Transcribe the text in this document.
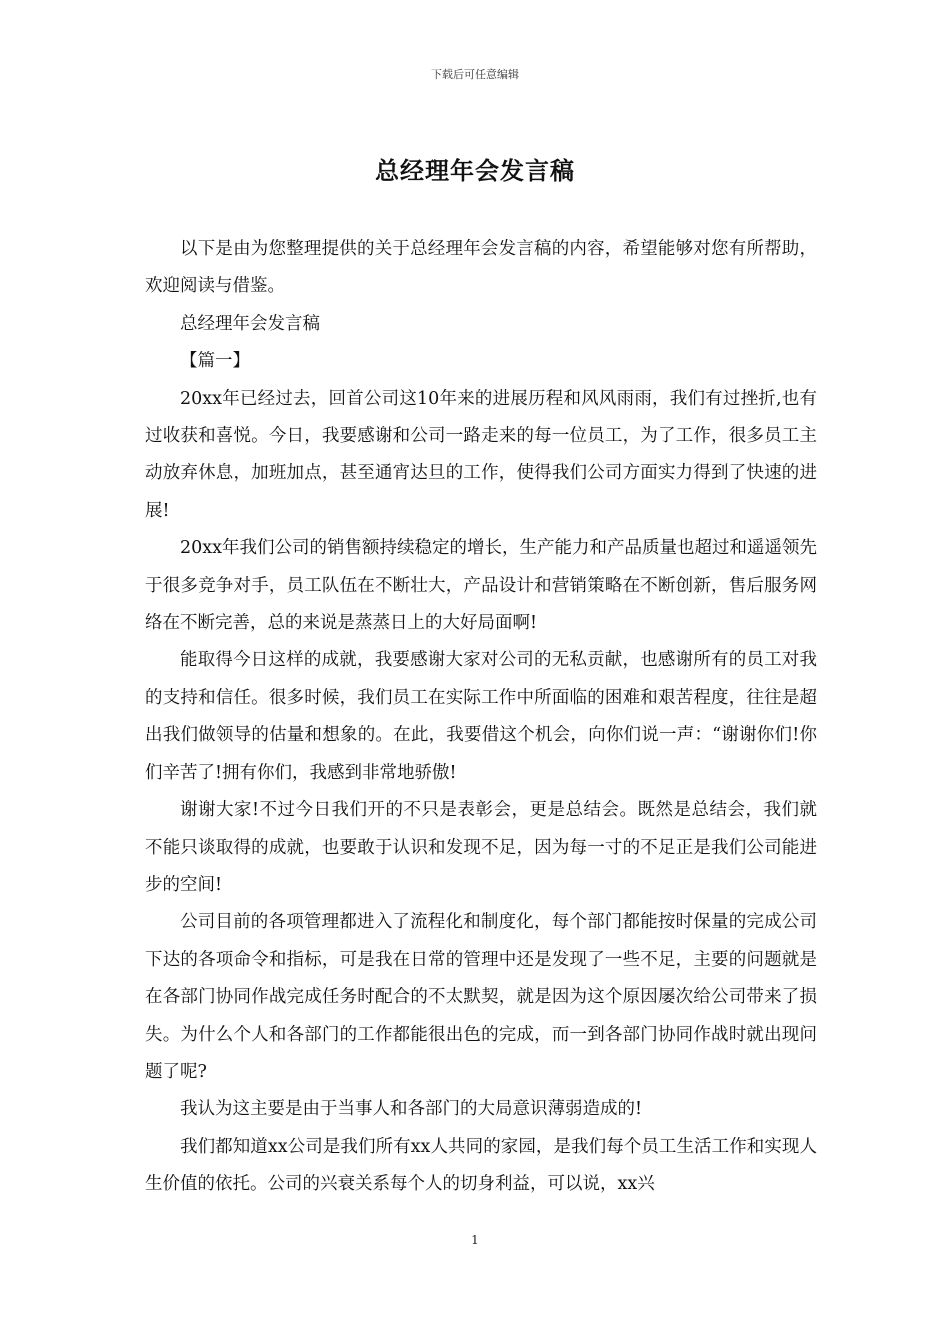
下载后可任意编辑
总经理年会发言稿

以下是由为您整理提供的关于总经理年会发言稿的内容，希望能够对您有所帮助，欢迎阅读与借鉴。

总经理年会发言稿

【篇一】

20xx年已经过去，回首公司这10年来的进展历程和风风雨雨，我们有过挫折,也有过收获和喜悦。今日，我要感谢和公司一路走来的每一位员工，为了工作，很多员工主动放弃休息，加班加点，甚至通宵达旦的工作，使得我们公司方面实力得到了快速的进展!

20xx年我们公司的销售额持续稳定的增长，生产能力和产品质量也超过和遥遥领先于很多竞争对手，员工队伍在不断壮大，产品设计和营销策略在不断创新，售后服务网络在不断完善，总的来说是蒸蒸日上的大好局面啊!

能取得今日这样的成就，我要感谢大家对公司的无私贡献，也感谢所有的员工对我的支持和信任。很多时候，我们员工在实际工作中所面临的困难和艰苦程度，往往是超出我们做领导的估量和想象的。在此，我要借这个机会，向你们说一声：“谢谢你们!你们辛苦了!拥有你们，我感到非常地骄傲!

谢谢大家!不过今日我们开的不只是表彰会，更是总结会。既然是总结会，我们就不能只谈取得的成就，也要敢于认识和发现不足，因为每一寸的不足正是我们公司能进步的空间!

公司目前的各项管理都进入了流程化和制度化，每个部门都能按时保量的完成公司下达的各项命令和指标，可是我在日常的管理中还是发现了一些不足，主要的问题就是在各部门协同作战完成任务时配合的不太默契，就是因为这个原因屡次给公司带来了损失。为什么个人和各部门的工作都能很出色的完成，而一到各部门协同作战时就出现问题了呢?

我认为这主要是由于当事人和各部门的大局意识薄弱造成的!

我们都知道xx公司是我们所有xx人共同的家园，是我们每个员工生活工作和实现人生价值的依托。公司的兴衰关系每个人的切身利益，可以说，xx兴

1
